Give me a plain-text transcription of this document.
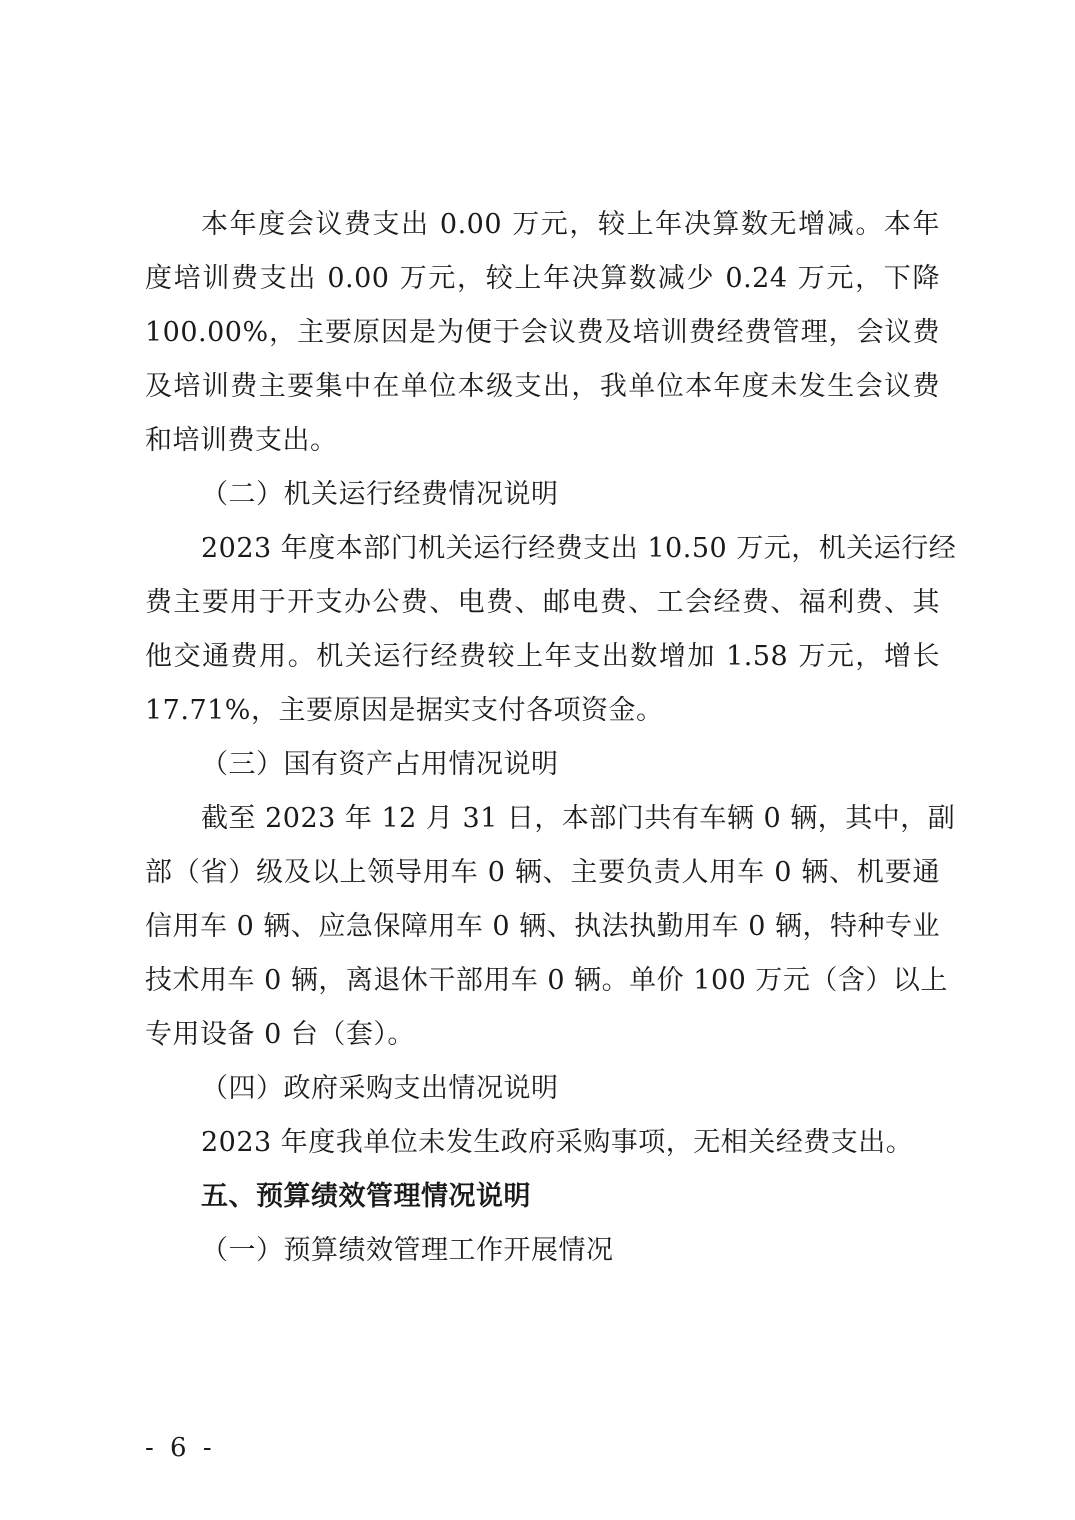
本年度会议费支出 0.00 万元，较上年决算数无增减。本年
度培训费支出 0.00 万元，较上年决算数减少 0.24 万元，下降
100.00%，主要原因是为便于会议费及培训费经费管理，会议费
及培训费主要集中在单位本级支出，我单位本年度未发生会议费
和培训费支出。
（二）机关运行经费情况说明
2023 年度本部门机关运行经费支出 10.50 万元，机关运行经
费主要用于开支办公费、电费、邮电费、工会经费、福利费、其
他交通费用。机关运行经费较上年支出数增加 1.58 万元，增长
17.71%，主要原因是据实支付各项资金。
（三）国有资产占用情况说明
截至 2023 年 12 月 31 日，本部门共有车辆 0 辆，其中，副
部（省）级及以上领导用车 0 辆、主要负责人用车 0 辆、机要通
信用车 0 辆、应急保障用车 0 辆、执法执勤用车 0 辆，特种专业
技术用车 0 辆，离退休干部用车 0 辆。单价 100 万元（含）以上
专用设备 0 台（套）。
（四）政府采购支出情况说明
2023 年度我单位未发生政府采购事项，无相关经费支出。
五、预算绩效管理情况说明
（一）预算绩效管理工作开展情况
- 6 -
